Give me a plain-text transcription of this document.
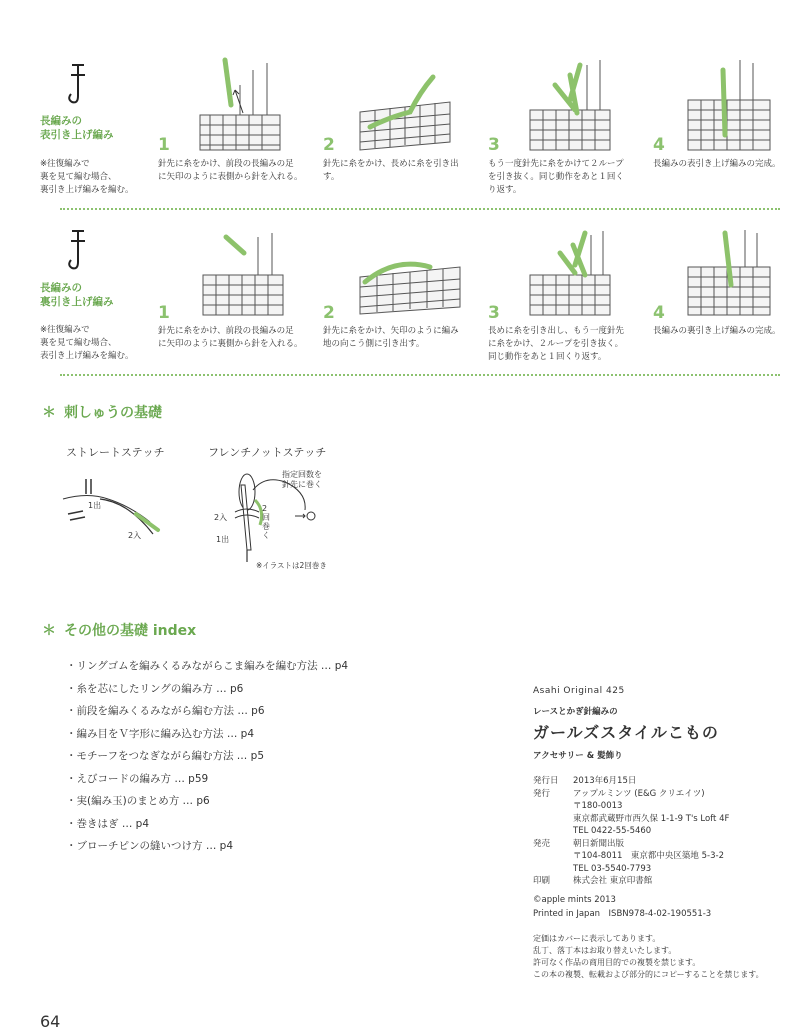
長編みの
表引き上げ編み
※往復編みで
裏を見て編む場合、
裏引き上げ編みを編む。
1
針先に糸をかけ、前段の長編みの足
に矢印のように表側から針を入れる。
2
針先に糸をかけ、長めに糸を引き出
す。
3
もう一度針先に糸をかけて２ループ
を引き抜く。同じ動作をあと１回く
り返す。
4
長編みの表引き上げ編みの完成。
長編みの
裏引き上げ編み
※往復編みで
裏を見て編む場合、
表引き上げ編みを編む。
1
針先に糸をかけ、前段の長編みの足
に矢印のように裏側から針を入れる。
2
針先に糸をかけ、矢印のように編み
地の向こう側に引き出す。
3
長めに糸を引き出し、もう一度針先
に糸をかけ、２ループを引き抜く。
同じ動作をあと１回くり返す。
4
長編みの裏引き上げ編みの完成。
＊ 刺しゅうの基礎
ストレートステッチ	フレンチノットステッチ
1出
2入
指定回数を
針先に巻く
2入
2
回
巻
く
1出
※イラストは2回巻き
＊ その他の基礎 index
・リングゴムを編みくるみながらこま編みを編む方法 … p4
・糸を芯にしたリングの編み方 … p6
・前段を編みくるみながら編む方法 … p6
・編み目をＶ字形に編み込む方法 … p4
・モチーフをつなぎながら編む方法 … p5
・えびコードの編み方 … p59
・実(編み玉)のまとめ方 … p6
・巻きはぎ … p4
・ブローチピンの縫いつけ方 … p4
Asahi Original 425
レースとかぎ針編みの
ガールズスタイルこもの
アクセサリー & 髪飾り
発行日 2013年6月15日
発行	アップルミンツ (E&G クリエイツ)
〒180-0013
東京都武蔵野市西久保 1-1-9 T's Loft 4F
TEL 0422-55-5460
発売	朝日新聞出版
〒104-8011　東京都中央区築地 5-3-2
TEL 03-5540-7793
印刷	株式会社 東京印書館
©apple mints 2013
Printed in Japan　ISBN978-4-02-190551-3
定価はカバーに表示してあります。
乱丁、落丁本はお取り替えいたします。
許可なく作品の商用目的での複製を禁じます。
この本の複製、転載および部分的にコピーすることを禁じます。
64
